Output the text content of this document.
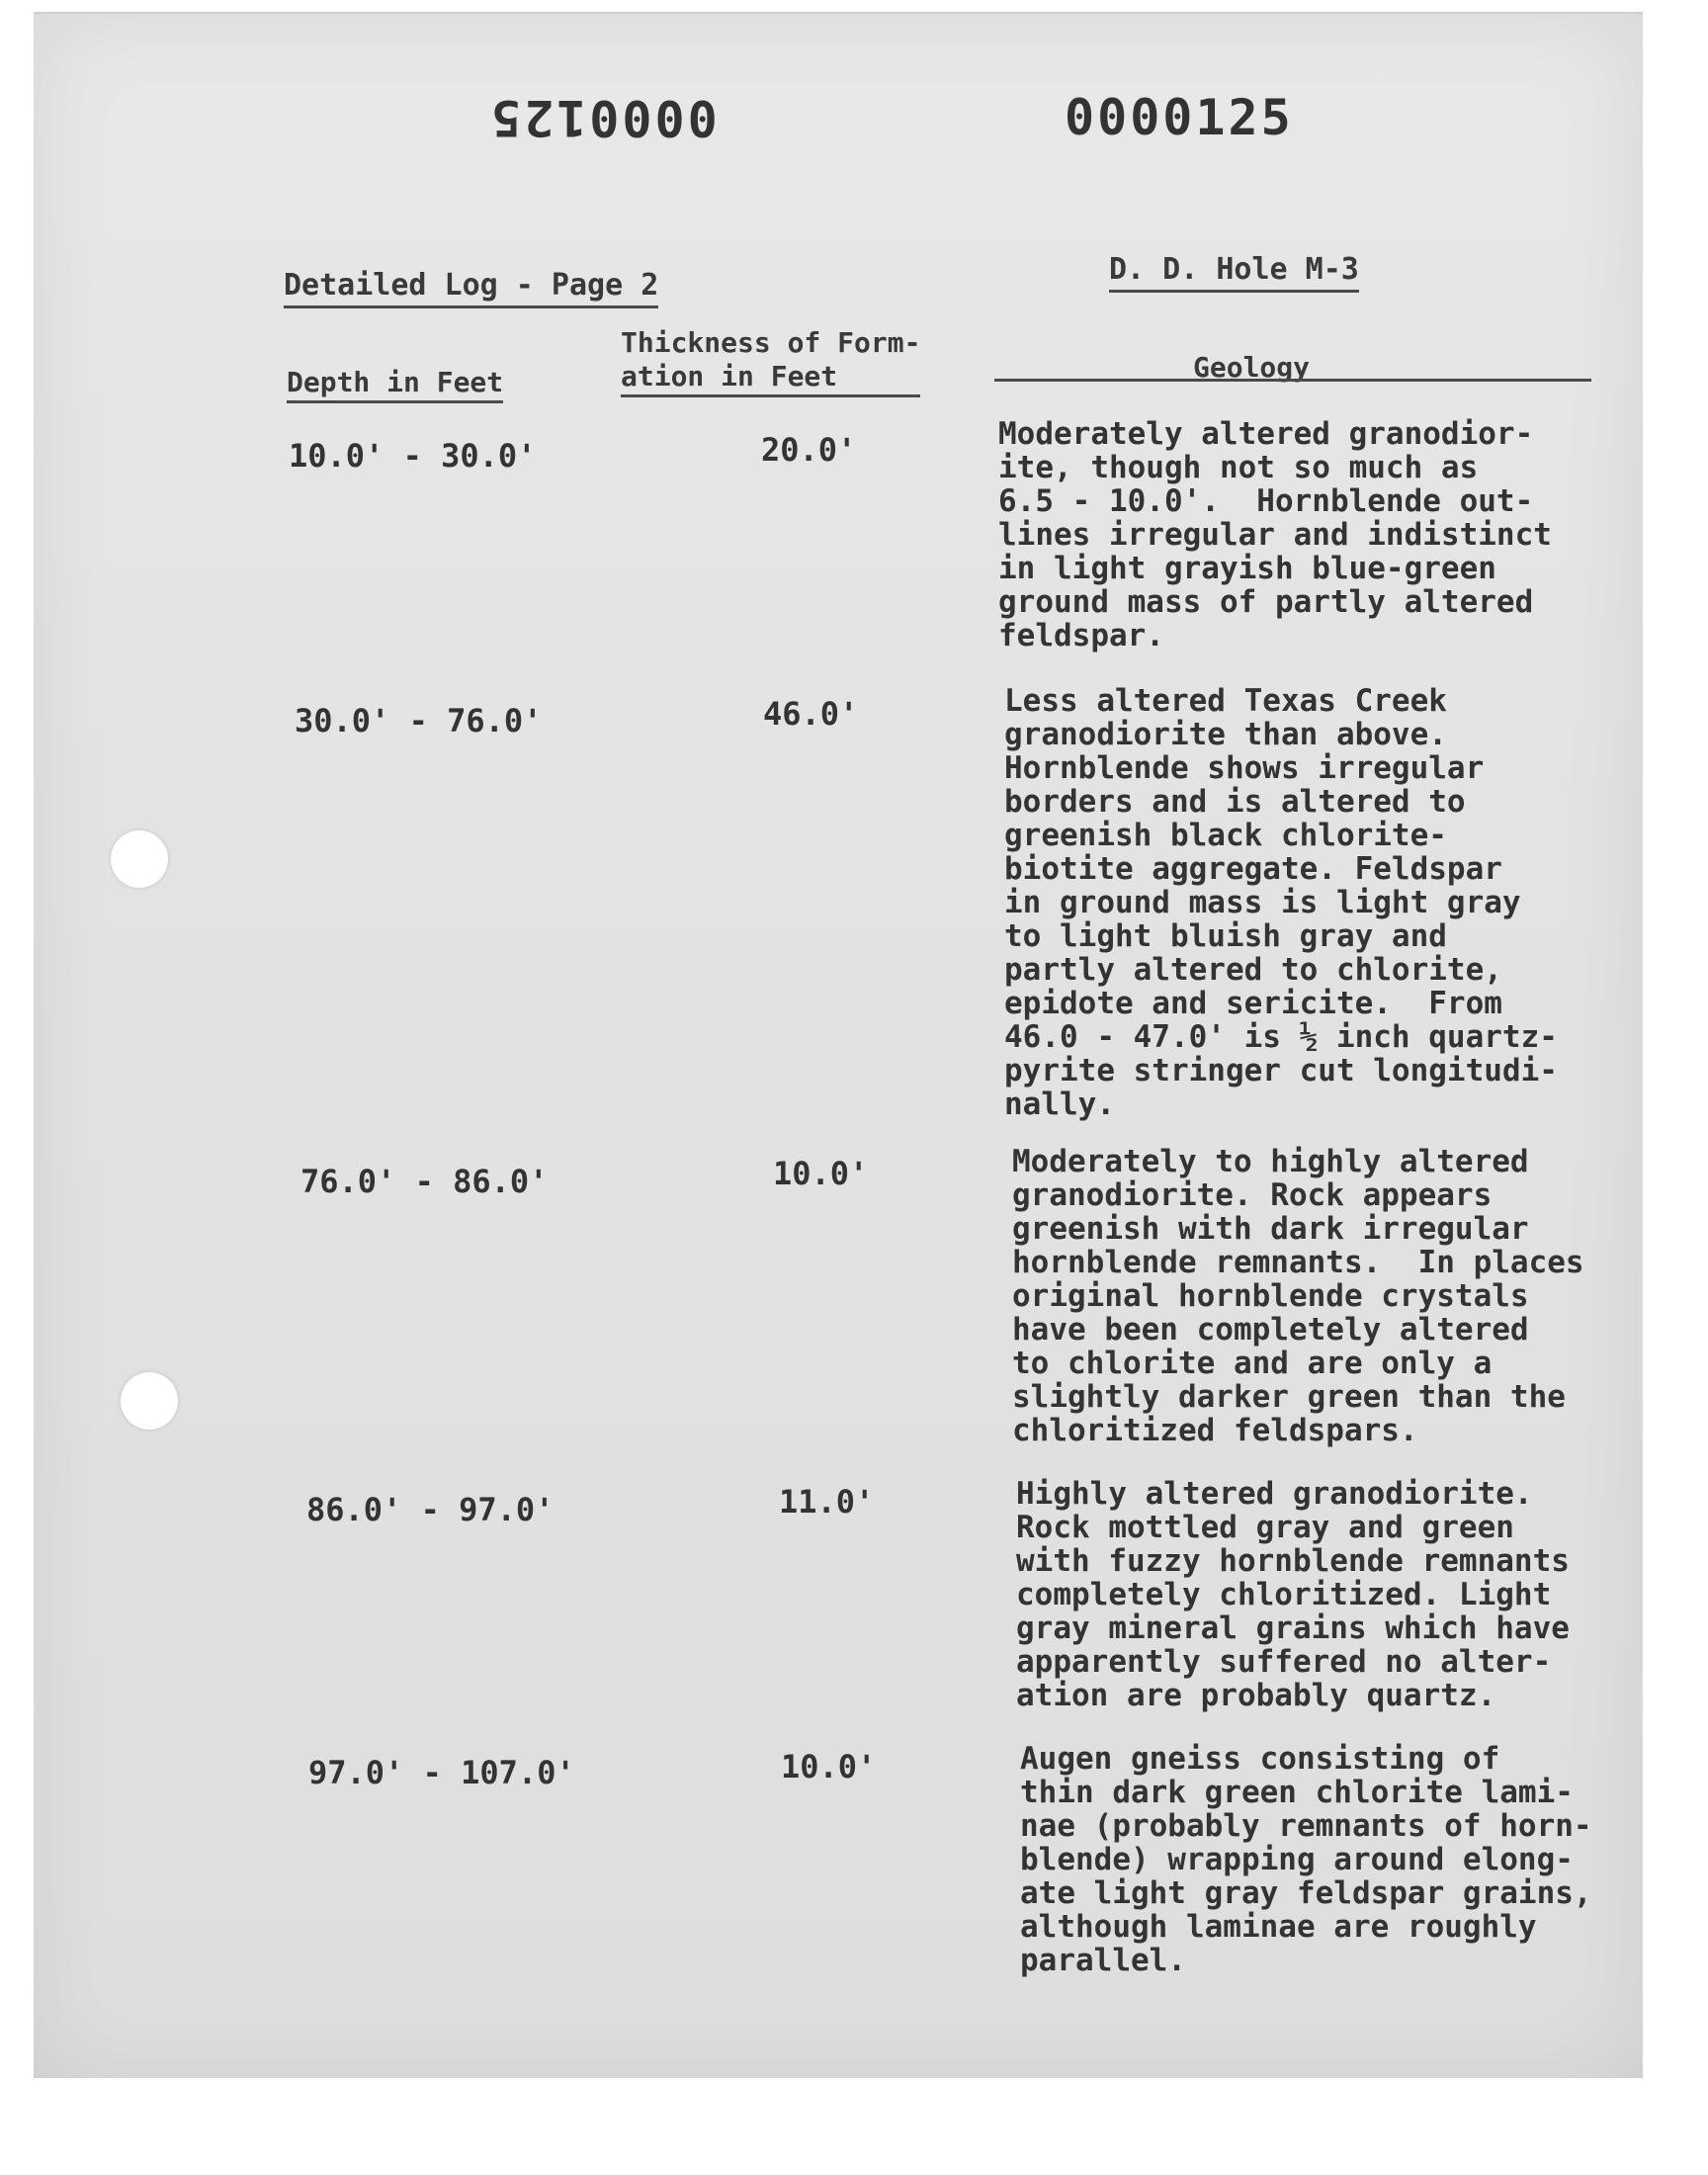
0000125	0000125
Detailed Log - Page 2	D. D. Hole M-3
Depth in Feet
Thickness of Form-
ation in Feet	Geology
10.0' - 30.0'	20.0'	Moderately altered granodior-
ite, though not so much as
6.5 - 10.0'.  Hornblende out-
lines irregular and indistinct
in light grayish blue-green
ground mass of partly altered
feldspar.
30.0' - 76.0'	46.0'	Less altered Texas Creek
granodiorite than above.
Hornblende shows irregular
borders and is altered to
greenish black chlorite-
biotite aggregate. Feldspar
in ground mass is light gray
to light bluish gray and
partly altered to chlorite,
epidote and sericite.  From
46.0 - 47.0' is ½ inch quartz-
pyrite stringer cut longitudi-
nally.
76.0' - 86.0'	10.0'	Moderately to highly altered
granodiorite. Rock appears
greenish with dark irregular
hornblende remnants.  In places
original hornblende crystals
have been completely altered
to chlorite and are only a
slightly darker green than the
chloritized feldspars.
86.0' - 97.0'	11.0'	Highly altered granodiorite.
Rock mottled gray and green
with fuzzy hornblende remnants
completely chloritized. Light
gray mineral grains which have
apparently suffered no alter-
ation are probably quartz.
97.0' - 107.0'	10.0'	Augen gneiss consisting of
thin dark green chlorite lami-
nae (probably remnants of horn-
blende) wrapping around elong-
ate light gray feldspar grains,
although laminae are roughly
parallel.
